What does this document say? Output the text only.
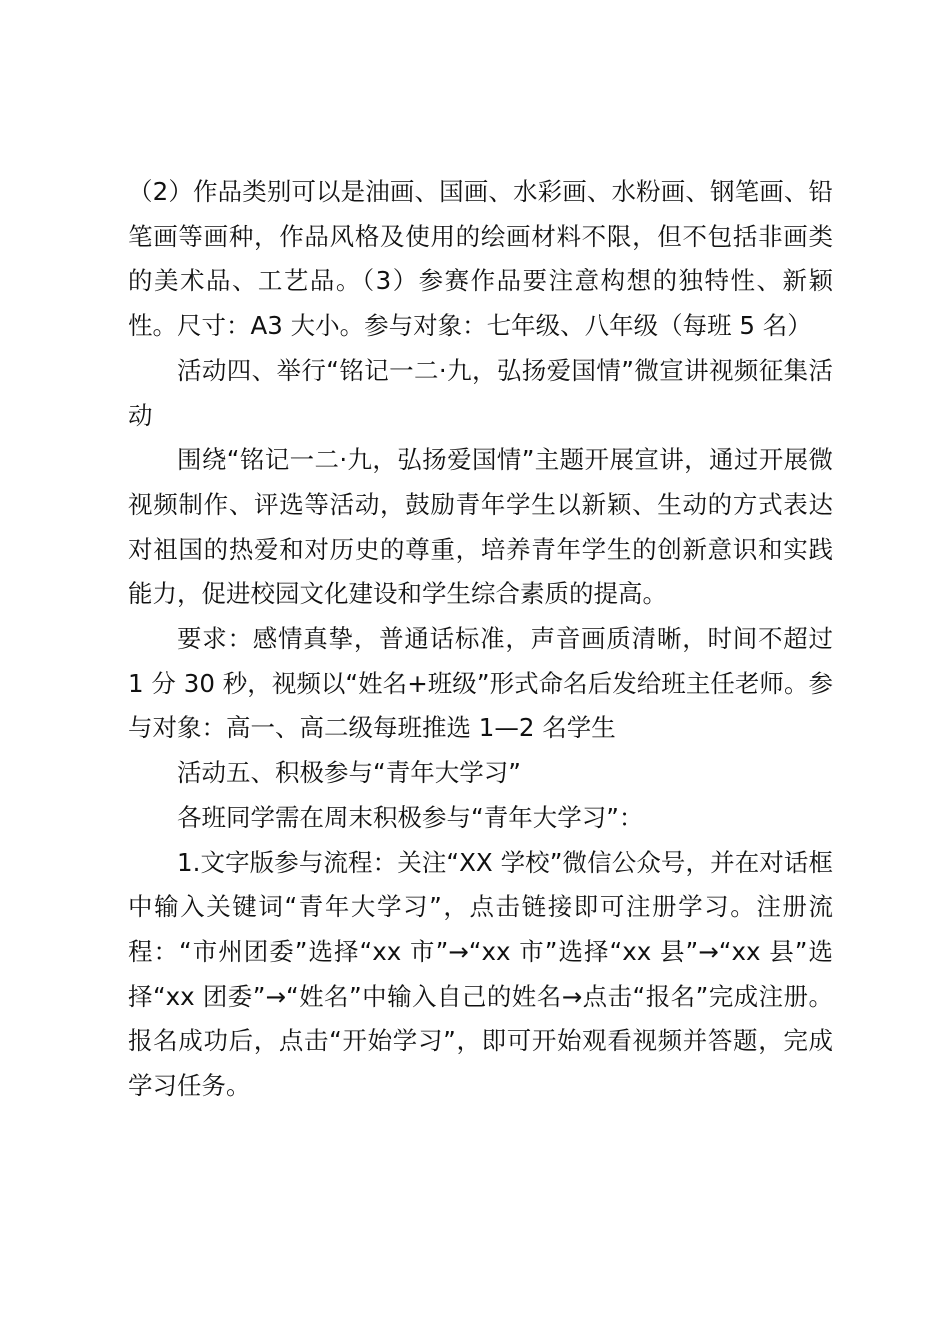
（2）作品类别可以是油画、国画、水彩画、水粉画、钢笔画、铅笔画等画种，作品风格及使用的绘画材料不限，但不包括非画类的美术品、工艺品。（3）参赛作品要注意构想的独特性、新颖性。尺寸：A3 大小。参与对象：七年级、八年级（每班 5 名）

活动四、举行“铭记一二·九，弘扬爱国情”微宣讲视频征集活动

围绕“铭记一二·九，弘扬爱国情”主题开展宣讲，通过开展微视频制作、评选等活动，鼓励青年学生以新颖、生动的方式表达对祖国的热爱和对历史的尊重，培养青年学生的创新意识和实践能力，促进校园文化建设和学生综合素质的提高。

要求：感情真挚，普通话标准，声音画质清晰，时间不超过 1 分 30 秒，视频以“姓名+班级”形式命名后发给班主任老师。参与对象：高一、高二级每班推选 1—2 名学生

活动五、积极参与“青年大学习”

各班同学需在周末积极参与“青年大学习”：

1.文字版参与流程：关注“XX 学校”微信公众号，并在对话框中输入关键词“青年大学习”，点击链接即可注册学习。注册流程：“市州团委”选择“xx 市”→“xx 市”选择“xx 县”→“xx 县”选择“xx 团委”→“姓名”中输入自己的姓名→点击“报名”完成注册。报名成功后，点击“开始学习”，即可开始观看视频并答题，完成学习任务。
